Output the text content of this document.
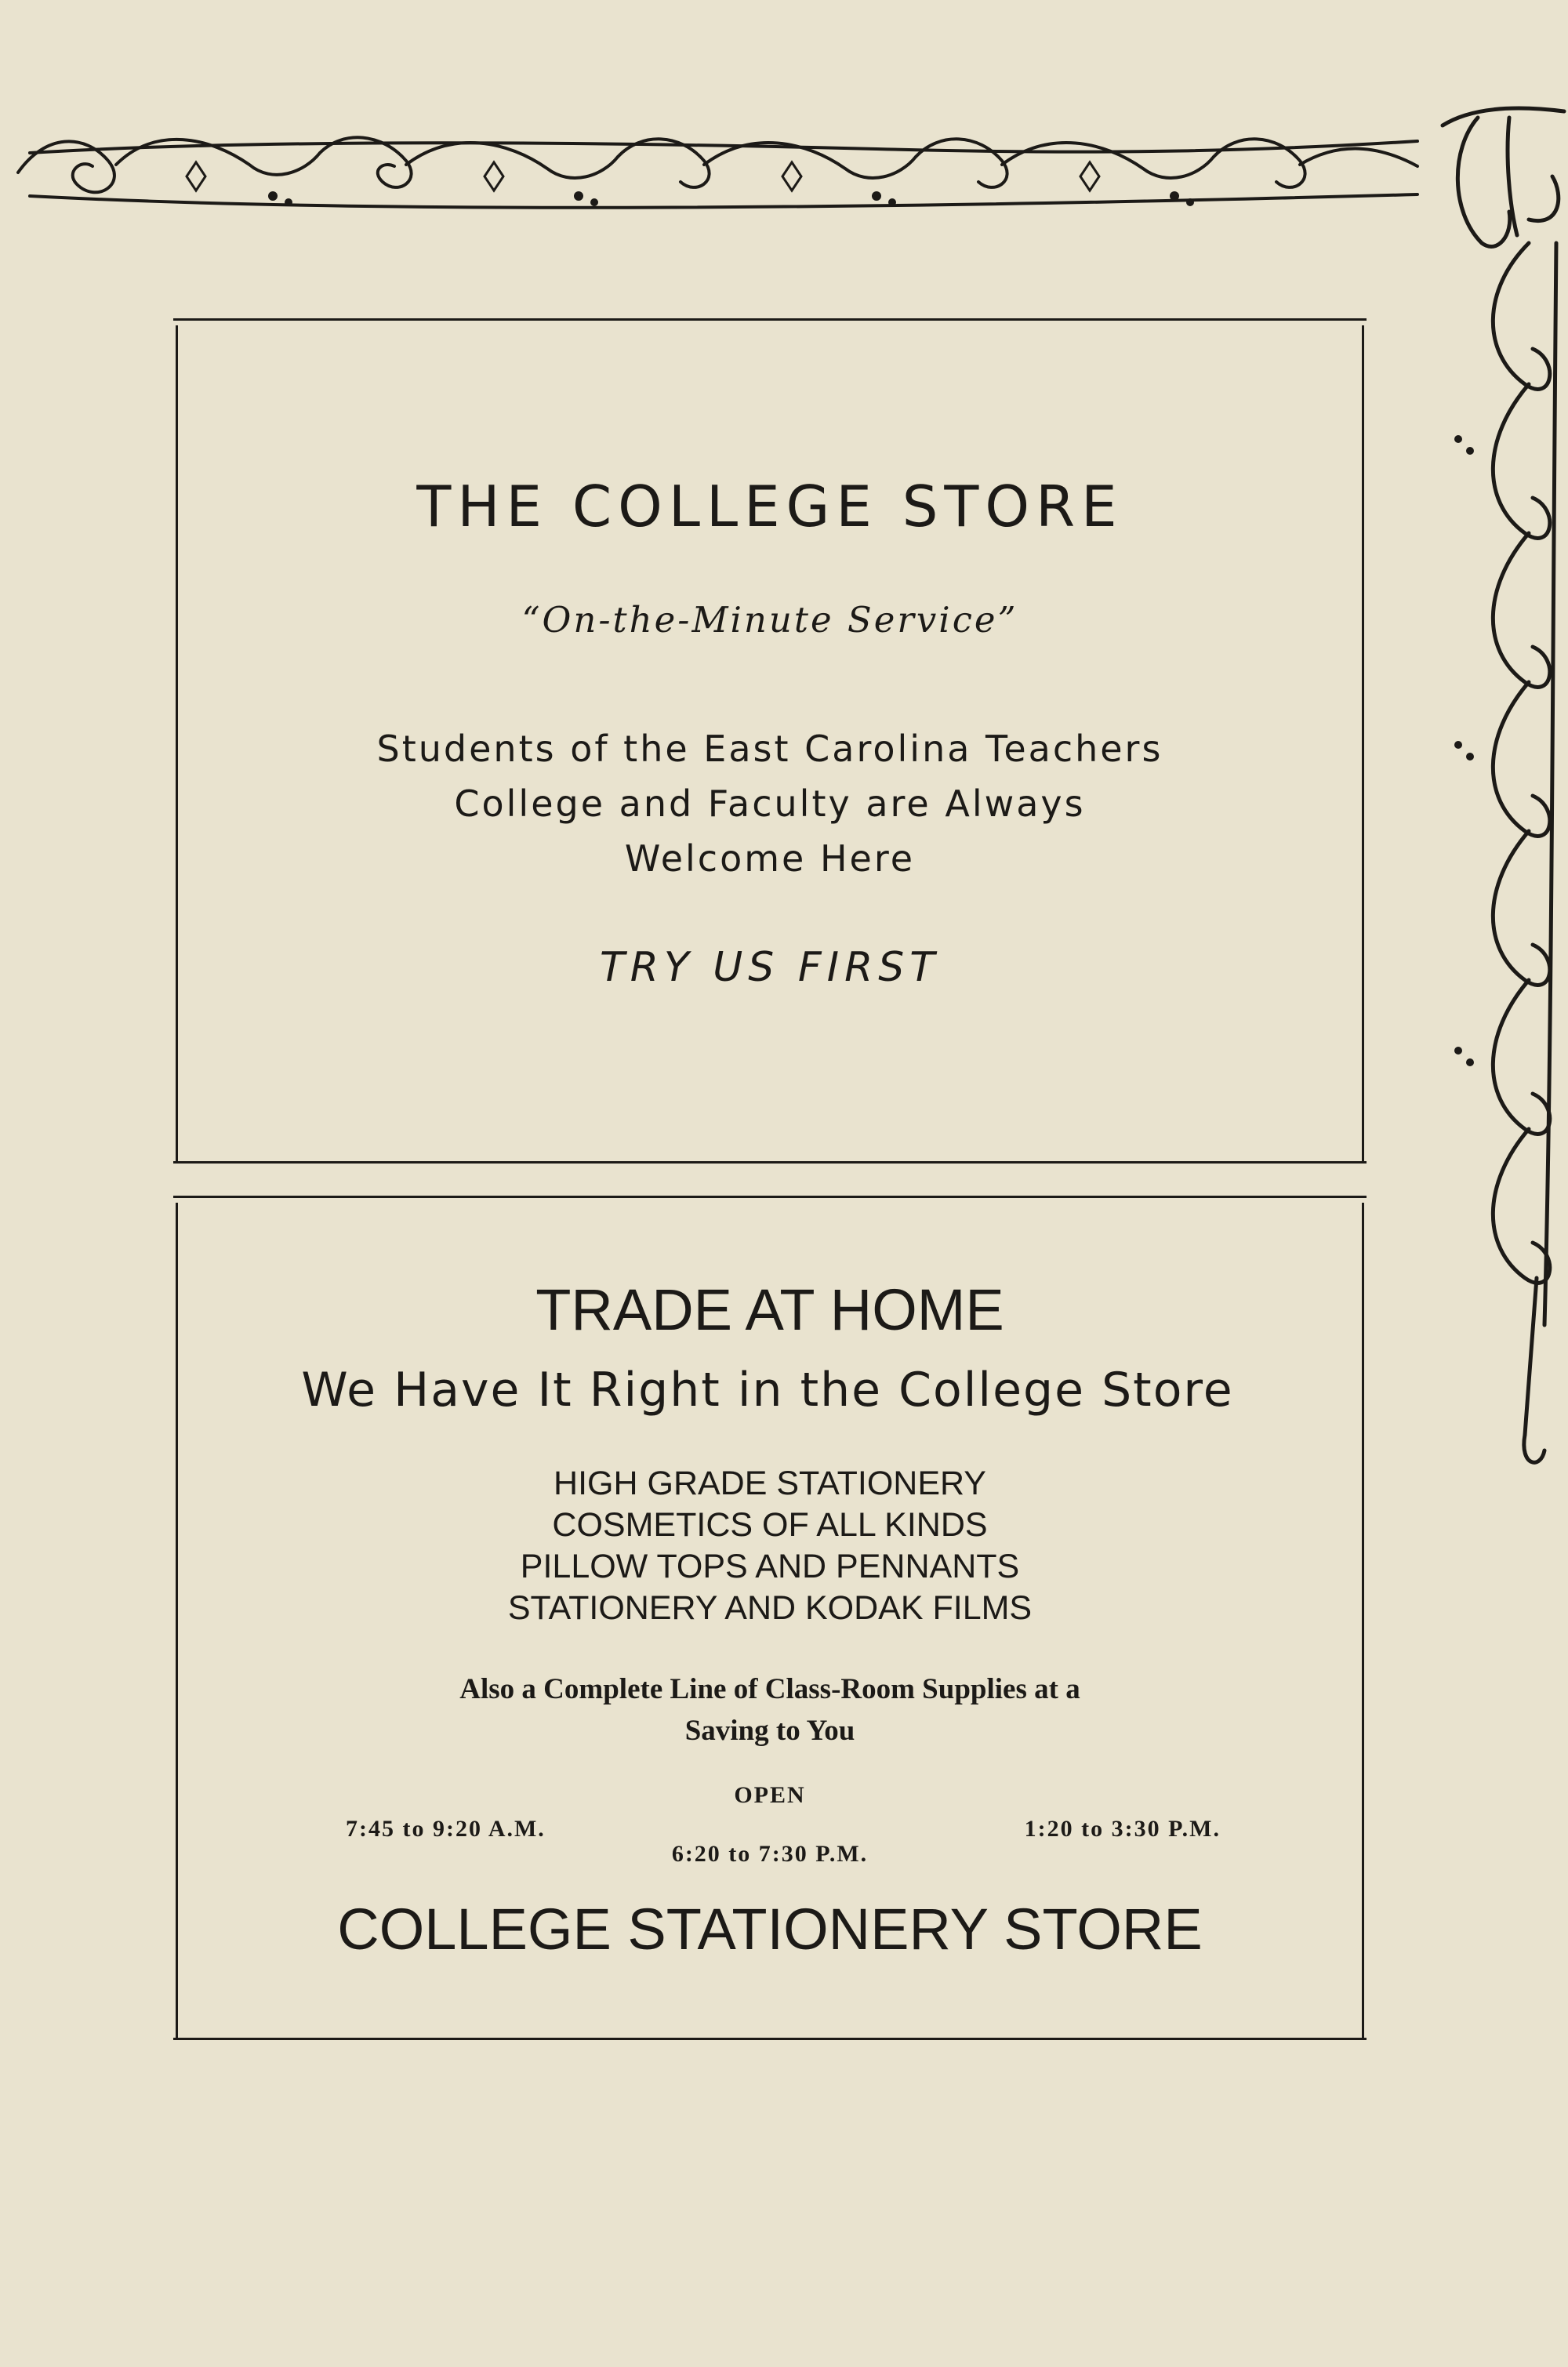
THE COLLEGE STORE
“On-the-Minute Service”
Students of the East Carolina Teachers
College and Faculty are Always
Welcome Here
TRY US FIRST
TRADE AT HOME
We Have It Right in the College Store
HIGH GRADE STATIONERY
COSMETICS OF ALL KINDS
PILLOW TOPS AND PENNANTS
STATIONERY AND KODAK FILMS
Also a Complete Line of Class-Room Supplies at a
Saving to You
OPEN
7:45 to 9:20 A.M.	1:20 to 3:30 P.M.
6:20 to 7:30 P.M.
COLLEGE STATIONERY STORE
